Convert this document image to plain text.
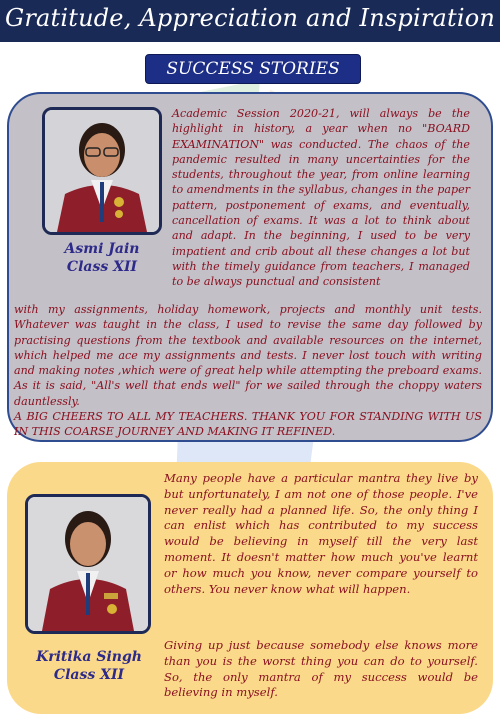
Gratitude, Appreciation and Inspiration
SUCCESS STORIES
Asmi Jain
Class XII

Academic Session 2020-21, will always be the highlight in history, a year when no "BOARD EXAMINATION" was conducted. The chaos of the pandemic resulted in many uncertainties for the students, throughout the year, from online learning to amendments in the syllabus, changes in the paper pattern, postponement of exams, and eventually, cancellation of exams. It was a lot to think about and adapt. In the beginning, I used to be very impatient and crib about all these changes a lot but with the timely guidance from teachers, I managed to be always punctual and consistent

with my assignments, holiday homework, projects and monthly unit tests. Whatever was taught in the class, I used to revise the same day followed by practising questions from the textbook and available resources on the internet, which helped me ace my assignments and tests. I never lost touch with writing and making notes ,which were of great help while attempting the preboard exams. As it is said, "All's well that ends well" for we sailed through the choppy waters dauntlessly.
A BIG CHEERS TO ALL MY TEACHERS. THANK YOU FOR STANDING WITH US IN THIS COARSE JOURNEY AND MAKING IT REFINED.
Kritika Singh
Class XII

Many people have a particular mantra they live by but unfortunately, I am not one of those people. I've never really had a planned life. So, the only thing I can enlist which has contributed to my success would be believing in myself till the very last moment. It doesn't matter how much you've learnt or how much you know, never compare yourself to others. You never know what will happen.

Giving up just because somebody else knows more than you is the worst thing you can do to yourself. So, the only mantra of my success would be believing in myself.
